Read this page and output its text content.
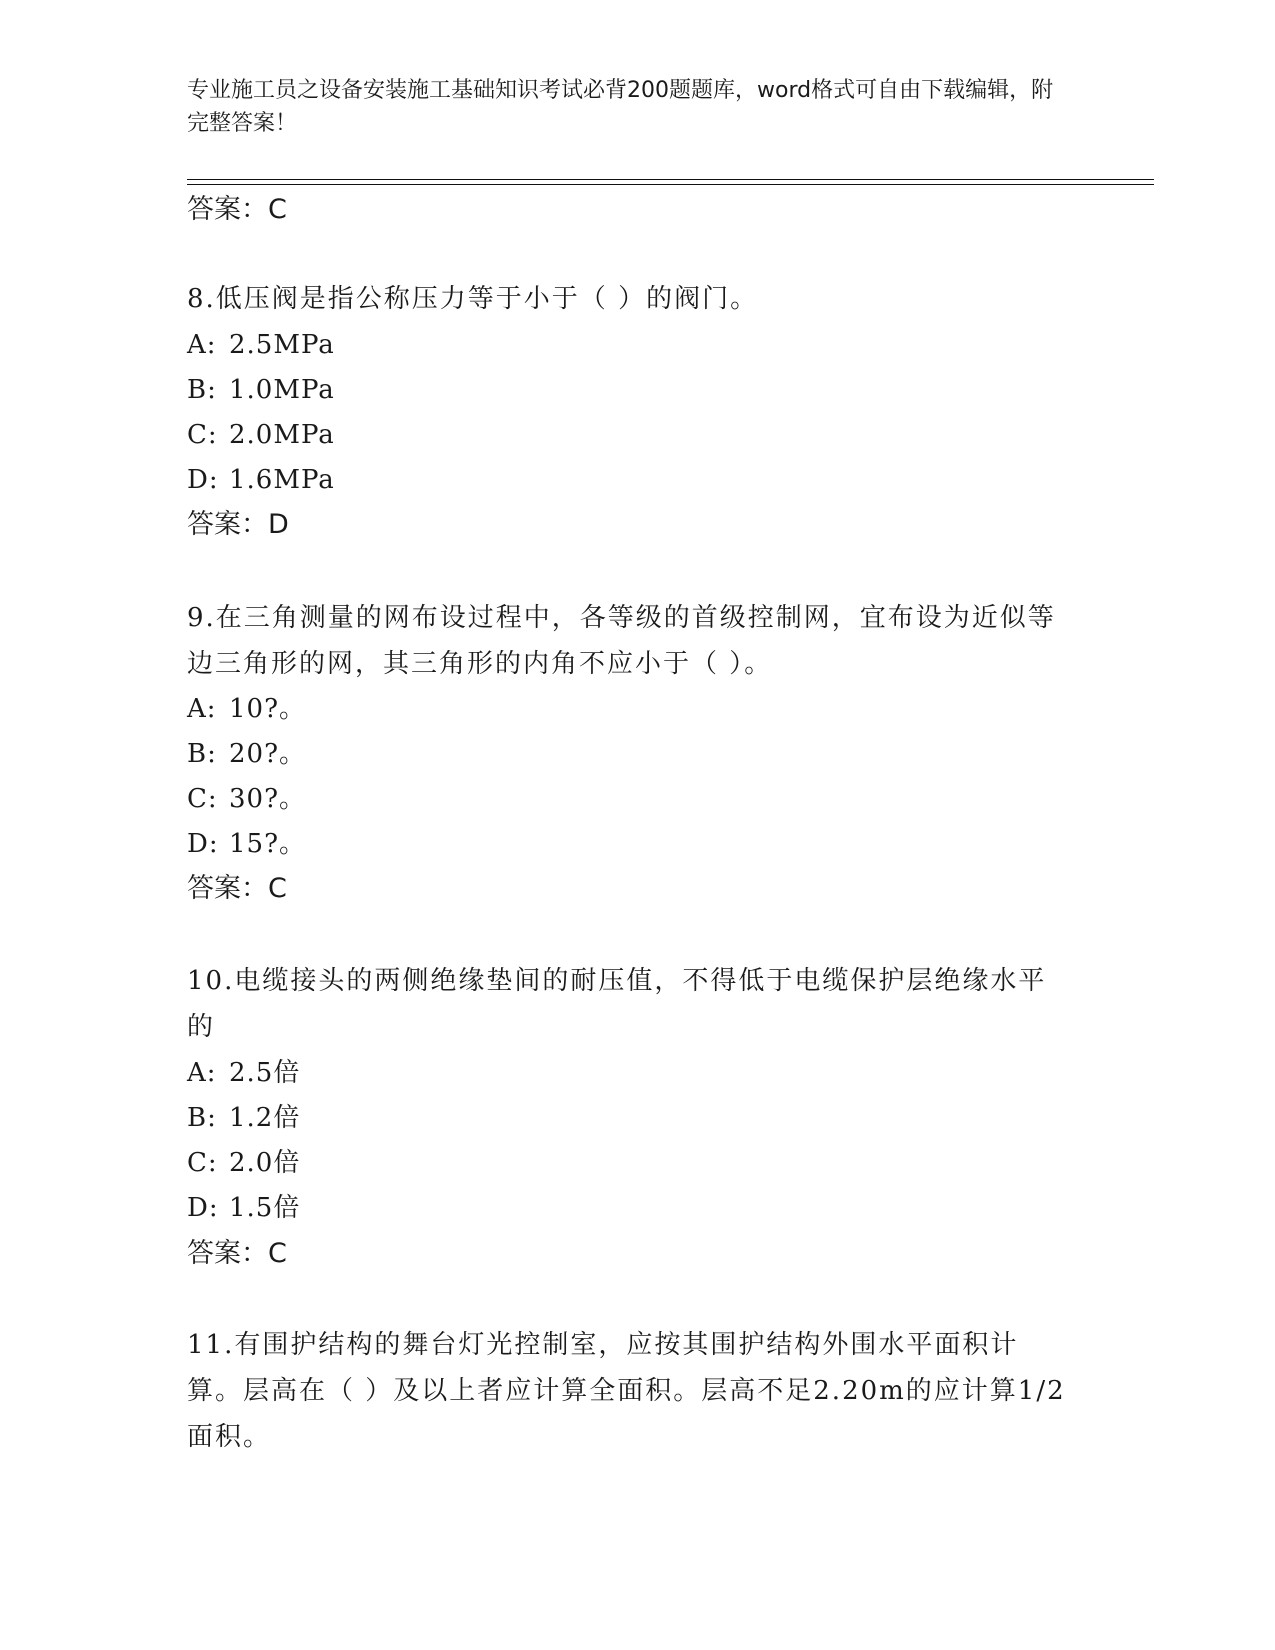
专业施工员之设备安装施工基础知识考试必背200题题库，word格式可自由下载编辑，附完整答案！
答案：C
8.低压阀是指公称压力等于小于（ ）的阀门。
A: 2.5MPa
B: 1.0MPa
C: 2.0MPa
D: 1.6MPa
答案：D
9.在三角测量的网布设过程中，各等级的首级控制网，宜布设为近似等边三角形的网，其三角形的内角不应小于（ ）。
A: 10?。
B: 20?。
C: 30?。
D: 15?。
答案：C
10.电缆接头的两侧绝缘垫间的耐压值，不得低于电缆保护层绝缘水平的
A: 2.5倍
B: 1.2倍
C: 2.0倍
D: 1.5倍
答案：C
11.有围护结构的舞台灯光控制室，应按其围护结构外围水平面积计算。层高在（ ）及以上者应计算全面积。层高不足2.20m的应计算1/2面积。
